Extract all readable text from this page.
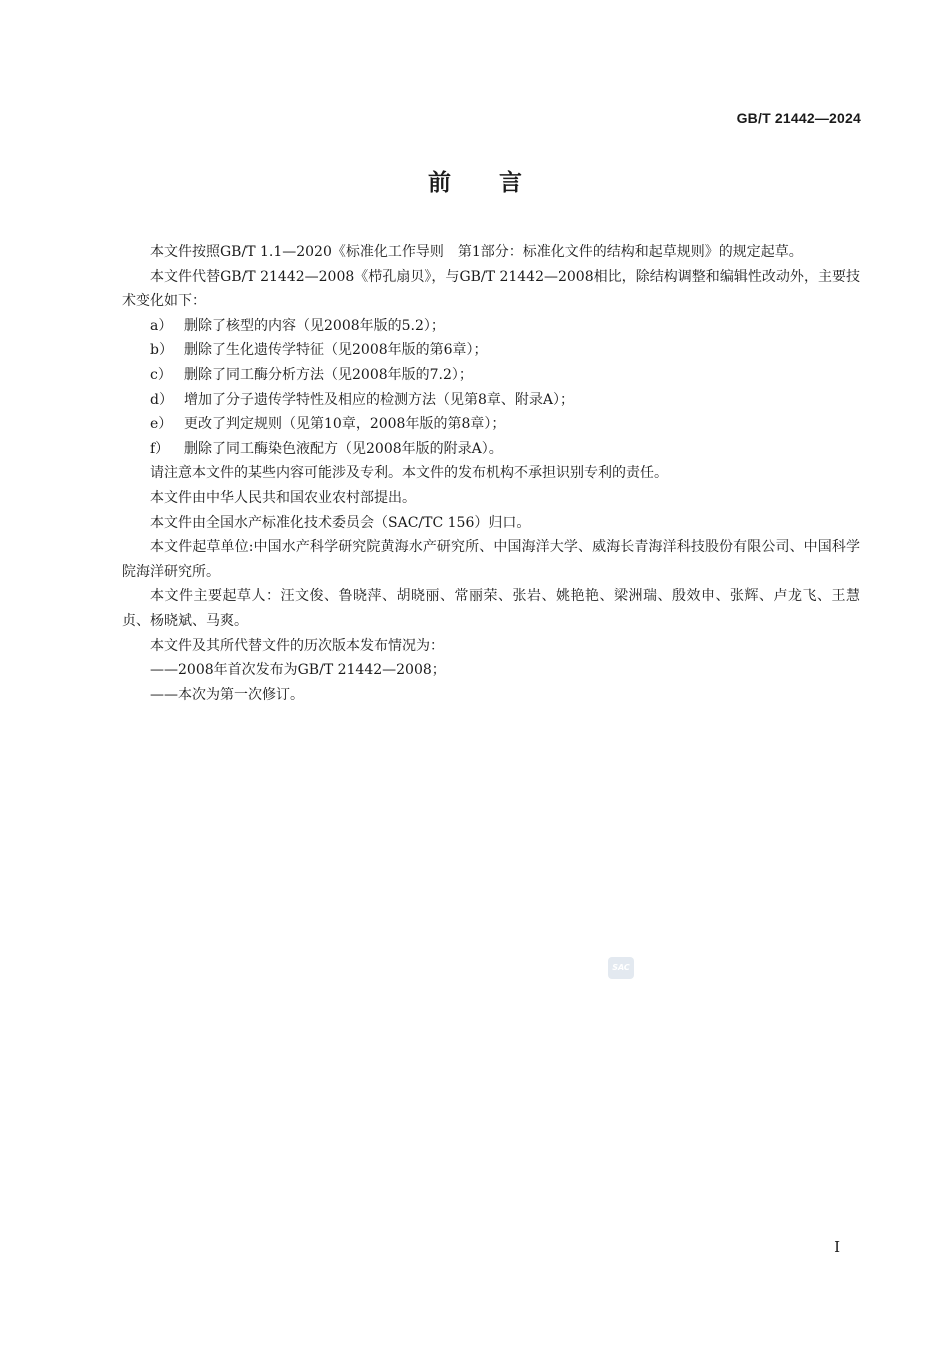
GB/T 21442—2024
前言

本文件按照GB/T 1.1—2020《标准化工作导则　第1部分：标准化文件的结构和起草规则》的规定起草。

本文件代替GB/T 21442—2008《栉孔扇贝》，与GB/T 21442—2008相比，除结构调整和编辑性改动外，主要技术变化如下：

a） 删除了核型的内容（见2008年版的5.2）；

b） 删除了生化遗传学特征（见2008年版的第6章）；

c） 删除了同工酶分析方法（见2008年版的7.2）；

d） 增加了分子遗传学特性及相应的检测方法（见第8章、附录A）；

e） 更改了判定规则（见第10章，2008年版的第8章）；

f） 删除了同工酶染色液配方（见2008年版的附录A）。

请注意本文件的某些内容可能涉及专利。本文件的发布机构不承担识别专利的责任。

本文件由中华人民共和国农业农村部提出。

本文件由全国水产标准化技术委员会（SAC/TC 156）归口。

本文件起草单位:中国水产科学研究院黄海水产研究所、中国海洋大学、威海长青海洋科技股份有限公司、中国科学院海洋研究所。

本文件主要起草人：汪文俊、鲁晓萍、胡晓丽、常丽荣、张岩、姚艳艳、梁洲瑞、殷效申、张辉、卢龙飞、王慧贞、杨晓斌、马爽。

本文件及其所代替文件的历次版本发布情况为：

——2008年首次发布为GB/T 21442—2008；

——本次为第一次修订。

SAC
I
